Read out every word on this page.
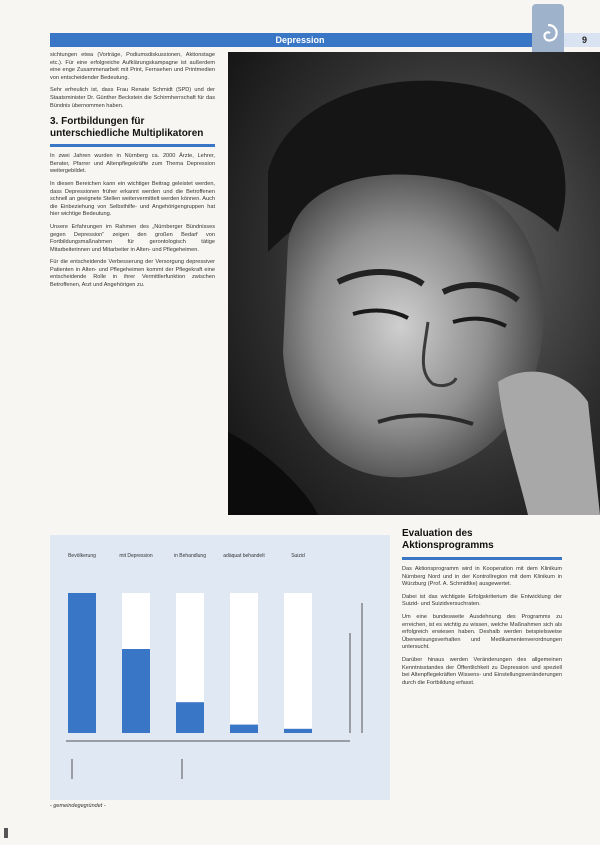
Depression	9

sichtungen etwa (Vorträge, Podiumsdiskussionen, Aktionstage etc.). Für eine erfolgreiche Aufklärungskampagne ist außerdem eine enge Zusammenarbeit mit Print, Fernsehen und Printmedien von entscheidender Bedeutung.

Sehr erfreulich ist, dass Frau Renate Schmidt (SPD) und der Staatsminister Dr. Günther Beckstein die Schirmherrschaft für das Bündnis übernommen haben.

3. Fortbildungen für unterschiedliche Multiplikatoren

In zwei Jahren wurden in Nürnberg ca. 2000 Ärzte, Lehrer, Berater, Pfarrer und Altenpflegekräfte zum Thema Depression weitergebildet.

In diesen Bereichen kann ein wichtiger Beitrag geleistet werden, dass Depressionen früher erkannt werden und die Betroffenen schnell an geeignete Stellen weitervermittelt werden können. Auch die Einbeziehung von Selbsthilfe- und Angehörigengruppen hat hier wichtige Bedeutung.

Unsere Erfahrungen im Rahmen des „Nürnberger Bündnisses gegen Depression“ zeigen den großen Bedarf von Fortbildungsmaßnahmen für gerontologisch tätige Mitarbeiterinnen und Mitarbeiter in Alten- und Pflegeheimen.

Für die entscheidende Verbesserung der Versorgung depressiver Patienten in Alten- und Pflegeheimen kommt der Pflegekraft eine entscheidende Rolle in ihrer Vermittlerfunktion zwischen Betroffenen, Arzt und Angehörigen zu.

Bevölkerung	mit Depression	in Behandlung	adäquat behandelt	Suizid
- gemeindegegründet -
Evaluation des Aktionsprogramms

Das Aktionsprogramm wird in Kooperation mit dem Klinikum Nürnberg Nord und in der Kontrollregion mit dem Klinikum in Würzburg (Prof. A. Schmidtke) ausgewertet.

Dabei ist das wichtigste Erfolgskriterium die Entwicklung der Suizid- und Suizidversuchraten.

Um eine bundesweite Ausdehnung des Programms zu erreichen, ist es wichtig zu wissen, welche Maßnahmen sich als erfolgreich erwiesen haben. Deshalb werden beispielsweise Überweisungsverhalten und Medikamentenverordnungen untersucht.

Darüber hinaus werden Veränderungen des allgemeinen Kenntnisstandes der Öffentlichkeit zu Depression und speziell bei Altenpflegekräften Wissens- und Einstellungsveränderungen durch die Fortbildung erfasst.
